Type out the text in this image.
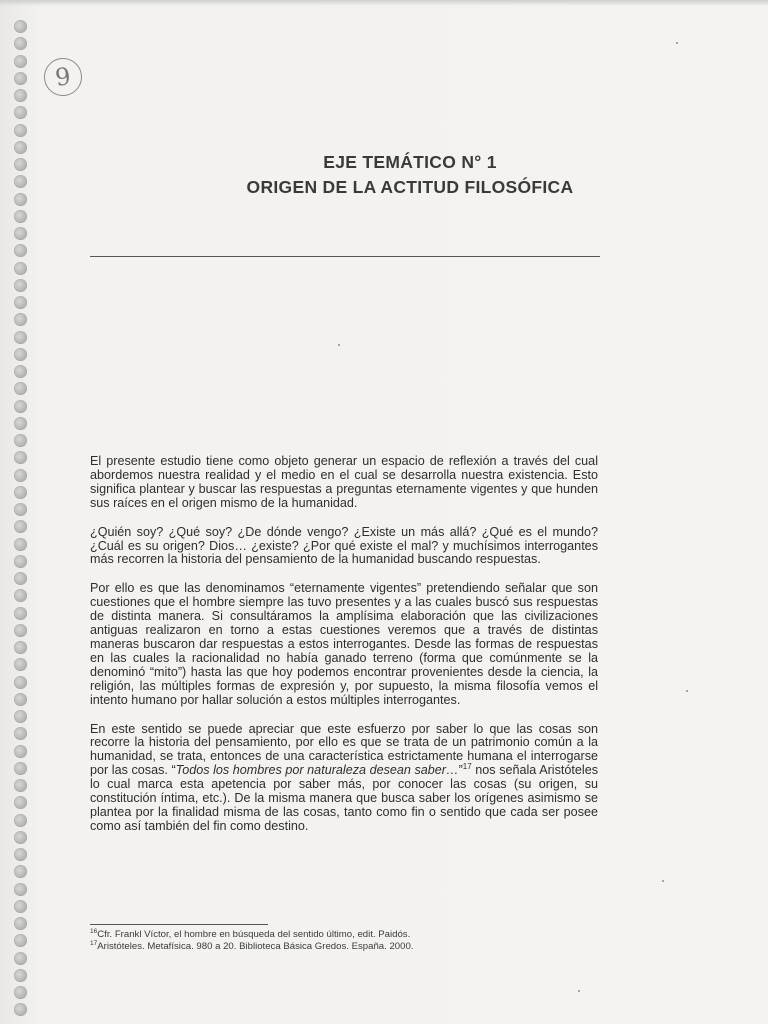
9
EJE TEMÁTICO N° 1
ORIGEN DE LA ACTITUD FILOSÓFICA

El presente estudio tiene como objeto generar un espacio de reflexión a través del cual abordemos nuestra realidad y el medio en el cual se desarrolla nuestra existencia. Esto significa plantear y buscar las respuestas a preguntas eternamente vigentes y que hunden sus raíces en el origen mismo de la humanidad.

¿Quién soy? ¿Qué soy? ¿De dónde vengo? ¿Existe un más allá? ¿Qué es el mundo? ¿Cuál es su origen? Dios… ¿existe? ¿Por qué existe el mal? y muchísimos interrogantes más recorren la historia del pensamiento de la humanidad buscando respuestas.

Por ello es que las denominamos “eternamente vigentes” pretendiendo señalar que son cuestiones que el hombre siempre las tuvo presentes y a las cuales buscó sus respuestas de distinta manera. Si consultáramos la amplísima elaboración que las civilizaciones antiguas realizaron en torno a estas cuestiones veremos que a través de distintas maneras buscaron dar respuestas a estos interrogantes. Desde las formas de respuestas en las cuales la racionalidad no había ganado terreno (forma que comúnmente se la denominó “mito”) hasta las que hoy podemos encontrar provenientes desde la ciencia, la religión, las múltiples formas de expresión y, por supuesto, la misma filosofía vemos el intento humano por hallar solución a estos múltiples interrogantes.

En este sentido se puede apreciar que este esfuerzo por saber lo que las cosas son recorre la historia del pensamiento, por ello es que se trata de un patrimonio común a la humanidad, se trata, entonces de una característica estrictamente humana el interrogarse por las cosas. “Todos los hombres por naturaleza desean saber…”$^{17}$ nos señala Aristóteles lo cual marca esta apetencia por saber más, por conocer las cosas (su origen, su constitución íntima, etc.). De la misma manera que busca saber los orígenes asimismo se plantea por la finalidad misma de las cosas, tanto como fin o sentido que cada ser posee como así también del fin como destino.

$^{16}$Cfr. Frankl Víctor, el hombre en búsqueda del sentido último, edit. Paidós.
$^{17}$Aristóteles. Metafísica. 980 a 20. Biblioteca Básica Gredos. España. 2000.
